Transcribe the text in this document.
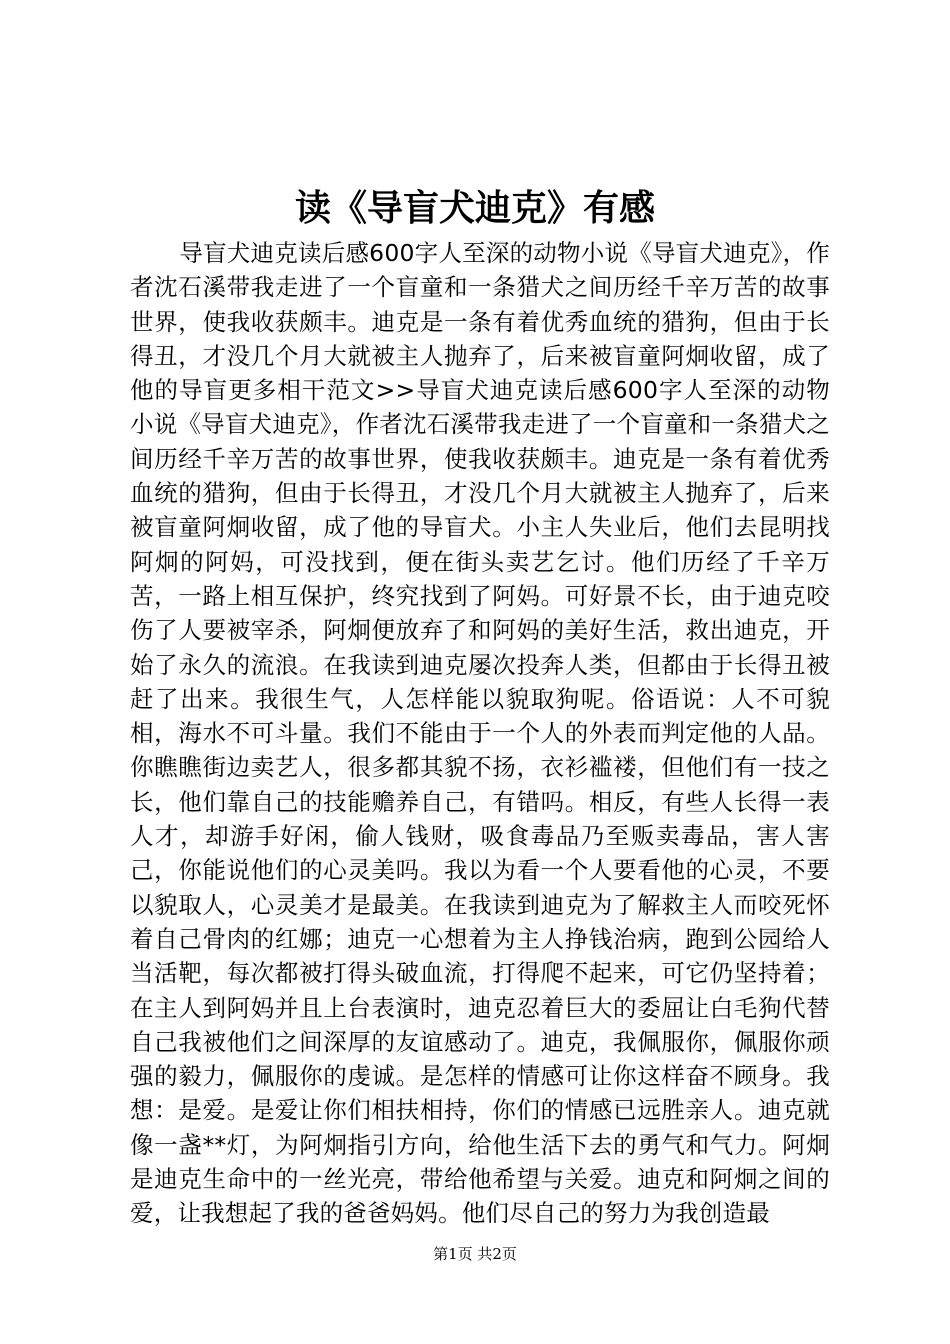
读《导盲犬迪克》有感

导盲犬迪克读后感600字人至深的动物小说《导盲犬迪克》，作者沈石溪带我走进了一个盲童和一条猎犬之间历经千辛万苦的故事世界，使我收获颇丰。迪克是一条有着优秀血统的猎狗，但由于长得丑，才没几个月大就被主人抛弃了，后来被盲童阿炯收留，成了他的导盲更多相干范文>>导盲犬迪克读后感600字人至深的动物小说《导盲犬迪克》，作者沈石溪带我走进了一个盲童和一条猎犬之间历经千辛万苦的故事世界，使我收获颇丰。迪克是一条有着优秀血统的猎狗，但由于长得丑，才没几个月大就被主人抛弃了，后来被盲童阿炯收留，成了他的导盲犬。小主人失业后，他们去昆明找阿炯的阿妈，可没找到，便在街头卖艺乞讨。他们历经了千辛万苦，一路上相互保护，终究找到了阿妈。可好景不长，由于迪克咬伤了人要被宰杀，阿炯便放弃了和阿妈的美好生活，救出迪克，开始了永久的流浪。在我读到迪克屡次投奔人类，但都由于长得丑被赶了出来。我很生气，人怎样能以貌取狗呢。俗语说：人不可貌相，海水不可斗量。我们不能由于一个人的外表而判定他的人品。你瞧瞧街边卖艺人，很多都其貌不扬，衣衫褴褛，但他们有一技之长，他们靠自己的技能赡养自己，有错吗。相反，有些人长得一表人才，却游手好闲，偷人钱财，吸食毒品乃至贩卖毒品，害人害己，你能说他们的心灵美吗。我以为看一个人要看他的心灵，不要以貌取人，心灵美才是最美。在我读到迪克为了解救主人而咬死怀着自己骨肉的红娜；迪克一心想着为主人挣钱治病，跑到公园给人当活靶，每次都被打得头破血流，打得爬不起来，可它仍坚持着；在主人到阿妈并且上台表演时，迪克忍着巨大的委屈让白毛狗代替自己我被他们之间深厚的友谊感动了。迪克，我佩服你，佩服你顽强的毅力，佩服你的虔诚。是怎样的情感可让你这样奋不顾身。我想：是爱。是爱让你们相扶相持，你们的情感已远胜亲人。迪克就像一盏**灯，为阿炯指引方向，给他生活下去的勇气和气力。阿炯是迪克生命中的一丝光亮，带给他希望与关爱。迪克和阿炯之间的爱，让我想起了我的爸爸妈妈。他们尽自己的努力为我创造最

第1页 共2页
